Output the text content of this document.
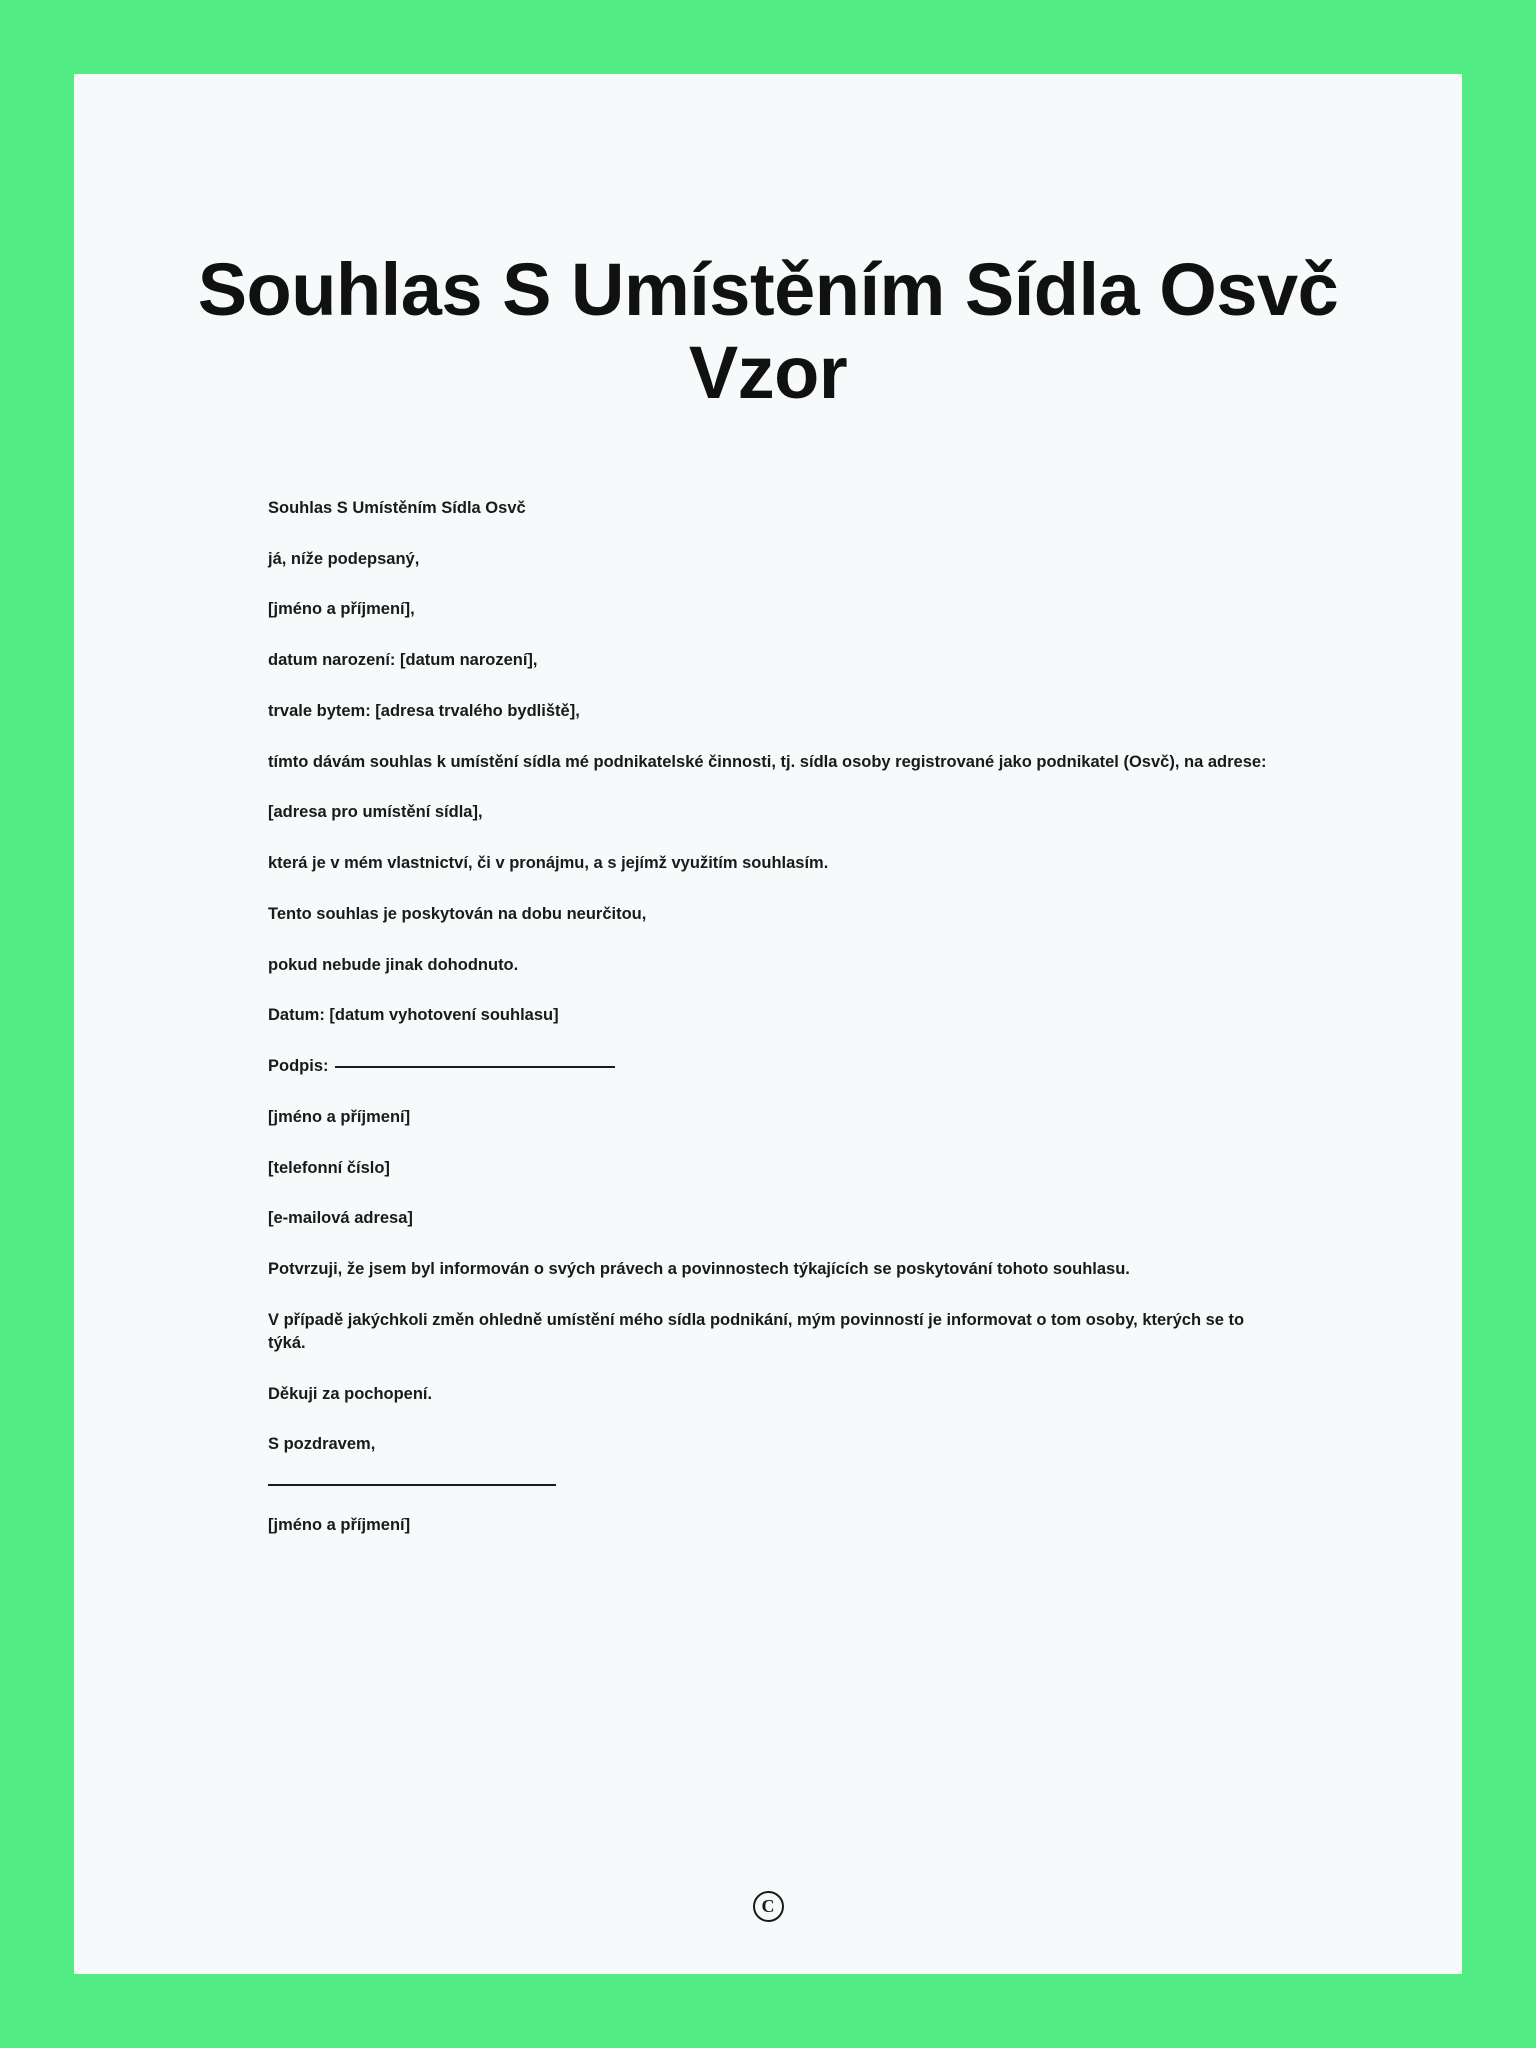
Souhlas S Umístěním Sídla Osvč Vzor

Souhlas S Umístěním Sídla Osvč

já, níže podepsaný,

[jméno a příjmení],

datum narození: [datum narození],

trvale bytem: [adresa trvalého bydliště],

tímto dávám souhlas k umístění sídla mé podnikatelské činnosti, tj. sídla osoby registrované jako podnikatel (Osvč), na adrese:

[adresa pro umístění sídla],

která je v mém vlastnictví, či v pronájmu, a s jejímž využitím souhlasím.

Tento souhlas je poskytován na dobu neurčitou,

pokud nebude jinak dohodnuto.

Datum: [datum vyhotovení souhlasu]

Podpis:

[jméno a příjmení]

[telefonní číslo]

[e-mailová adresa]

Potvrzuji, že jsem byl informován o svých právech a povinnostech týkajících se poskytování tohoto souhlasu.

V případě jakýchkoli změn ohledně umístění mého sídla podnikání, mým povinností je informovat o tom osoby, kterých se to týká.

Děkuji za pochopení.

S pozdravem,

[jméno a příjmení]

C
